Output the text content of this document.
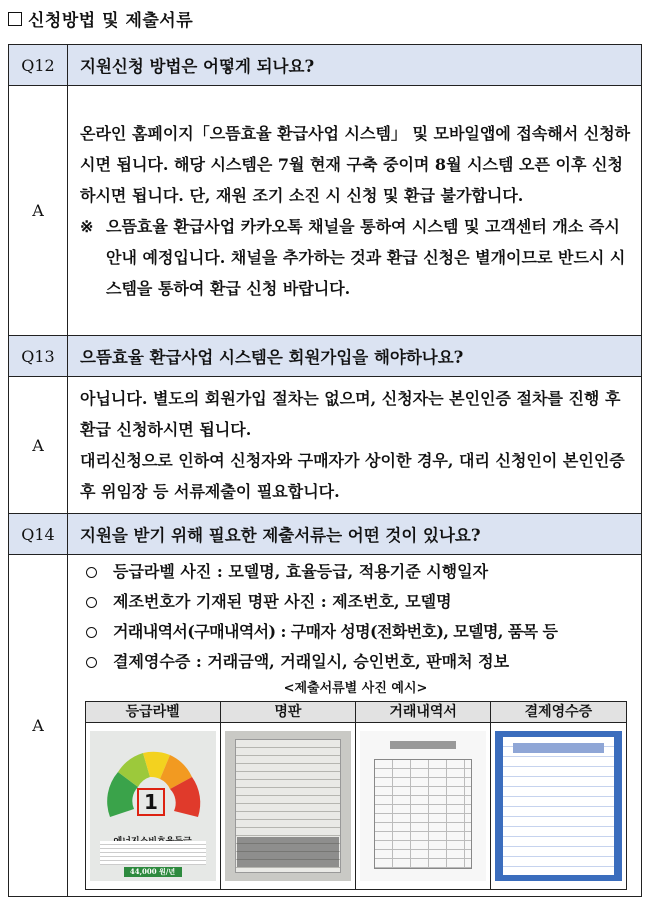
신청방법 및 제출서류
Q12	지원신청 방법은 어떻게 되나요?
A	
온라인 홈페이지「으뜸효율 환급사업 시스템」 및 모바일앱에 접속해서 신청하시면 됩니다. 해당 시스템은 7월 현재 구축 중이며 8월 시스템 오픈 이후 신청하시면 됩니다. 단, 재원 조기 소진 시 신청 및 환급 불가합니다.
※ 으뜸효율 환급사업 카카오톡 채널을 통하여 시스템 및 고객센터 개소 즉시 안내 예정입니다. 채널을 추가하는 것과 환급 신청은 별개이므로 반드시 시스템을 통하여 환급 신청 바랍니다.

Q13	으뜸효율 환급사업 시스템은 회원가입을 해야하나요?
A	
아닙니다. 별도의 회원가입 절차는 없으며, 신청자는 본인인증 절차를 진행 후 환급 신청하시면 됩니다.
대리신청으로 인하여 신청자와 구매자가 상이한 경우, 대리 신청인이 본인인증 후 위임장 등 서류제출이 필요합니다.

Q14	지원을 받기 위해 필요한 제출서류는 어떤 것이 있나요?
A	
등급라벨 사진 : 모델명, 효율등급, 적용기준 시행일자
제조번호가 기재된 명판 사진 : 제조번호, 모델명
거래내역서(구매내역서) : 구매자 성명(전화번호), 모델명, 품목 등
결제영수증 : 거래금액, 거래일시, 승인번호, 판매처 정보
<제출서류별 사진 예시>
등급라벨	명판	거래내역서	결제영수증

1
44,000 원/년
